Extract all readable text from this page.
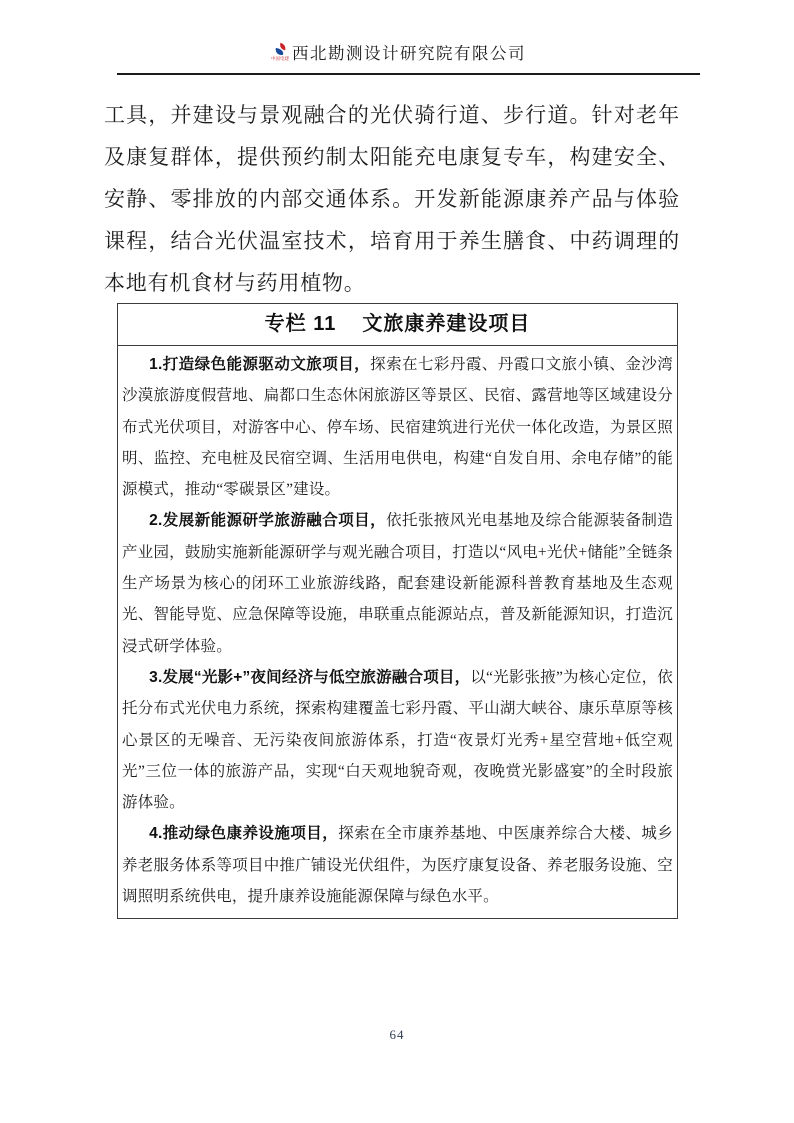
中国电建 西北勘测设计研究院有限公司
工具，并建设与景观融合的光伏骑行道、步行道。针对老年及康复群体，提供预约制太阳能充电康复专车，构建安全、安静、零排放的内部交通体系。开发新能源康养产品与体验课程，结合光伏温室技术，培育用于养生膳食、中药调理的本地有机食材与药用植物。
专栏 11 文旅康养建设项目

1.打造绿色能源驱动文旅项目，探索在七彩丹霞、丹霞口文旅小镇、金沙湾沙漠旅游度假营地、扁都口生态休闲旅游区等景区、民宿、露营地等区域建设分布式光伏项目，对游客中心、停车场、民宿建筑进行光伏一体化改造，为景区照明、监控、充电桩及民宿空调、生活用电供电，构建“自发自用、余电存储”的能源模式，推动“零碳景区”建设。

2.发展新能源研学旅游融合项目，依托张掖风光电基地及综合能源装备制造产业园，鼓励实施新能源研学与观光融合项目，打造以“风电+光伏+储能”全链条生产场景为核心的闭环工业旅游线路，配套建设新能源科普教育基地及生态观光、智能导览、应急保障等设施，串联重点能源站点，普及新能源知识，打造沉浸式研学体验。

3.发展“光影+”夜间经济与低空旅游融合项目，以“光影张掖”为核心定位，依托分布式光伏电力系统，探索构建覆盖七彩丹霞、平山湖大峡谷、康乐草原等核心景区的无噪音、无污染夜间旅游体系，打造“夜景灯光秀+星空营地+低空观光”三位一体的旅游产品，实现“白天观地貌奇观，夜晚赏光影盛宴”的全时段旅游体验。

4.推动绿色康养设施项目，探索在全市康养基地、中医康养综合大楼、城乡养老服务体系等项目中推广铺设光伏组件，为医疗康复设备、养老服务设施、空调照明系统供电，提升康养设施能源保障与绿色水平。

64
